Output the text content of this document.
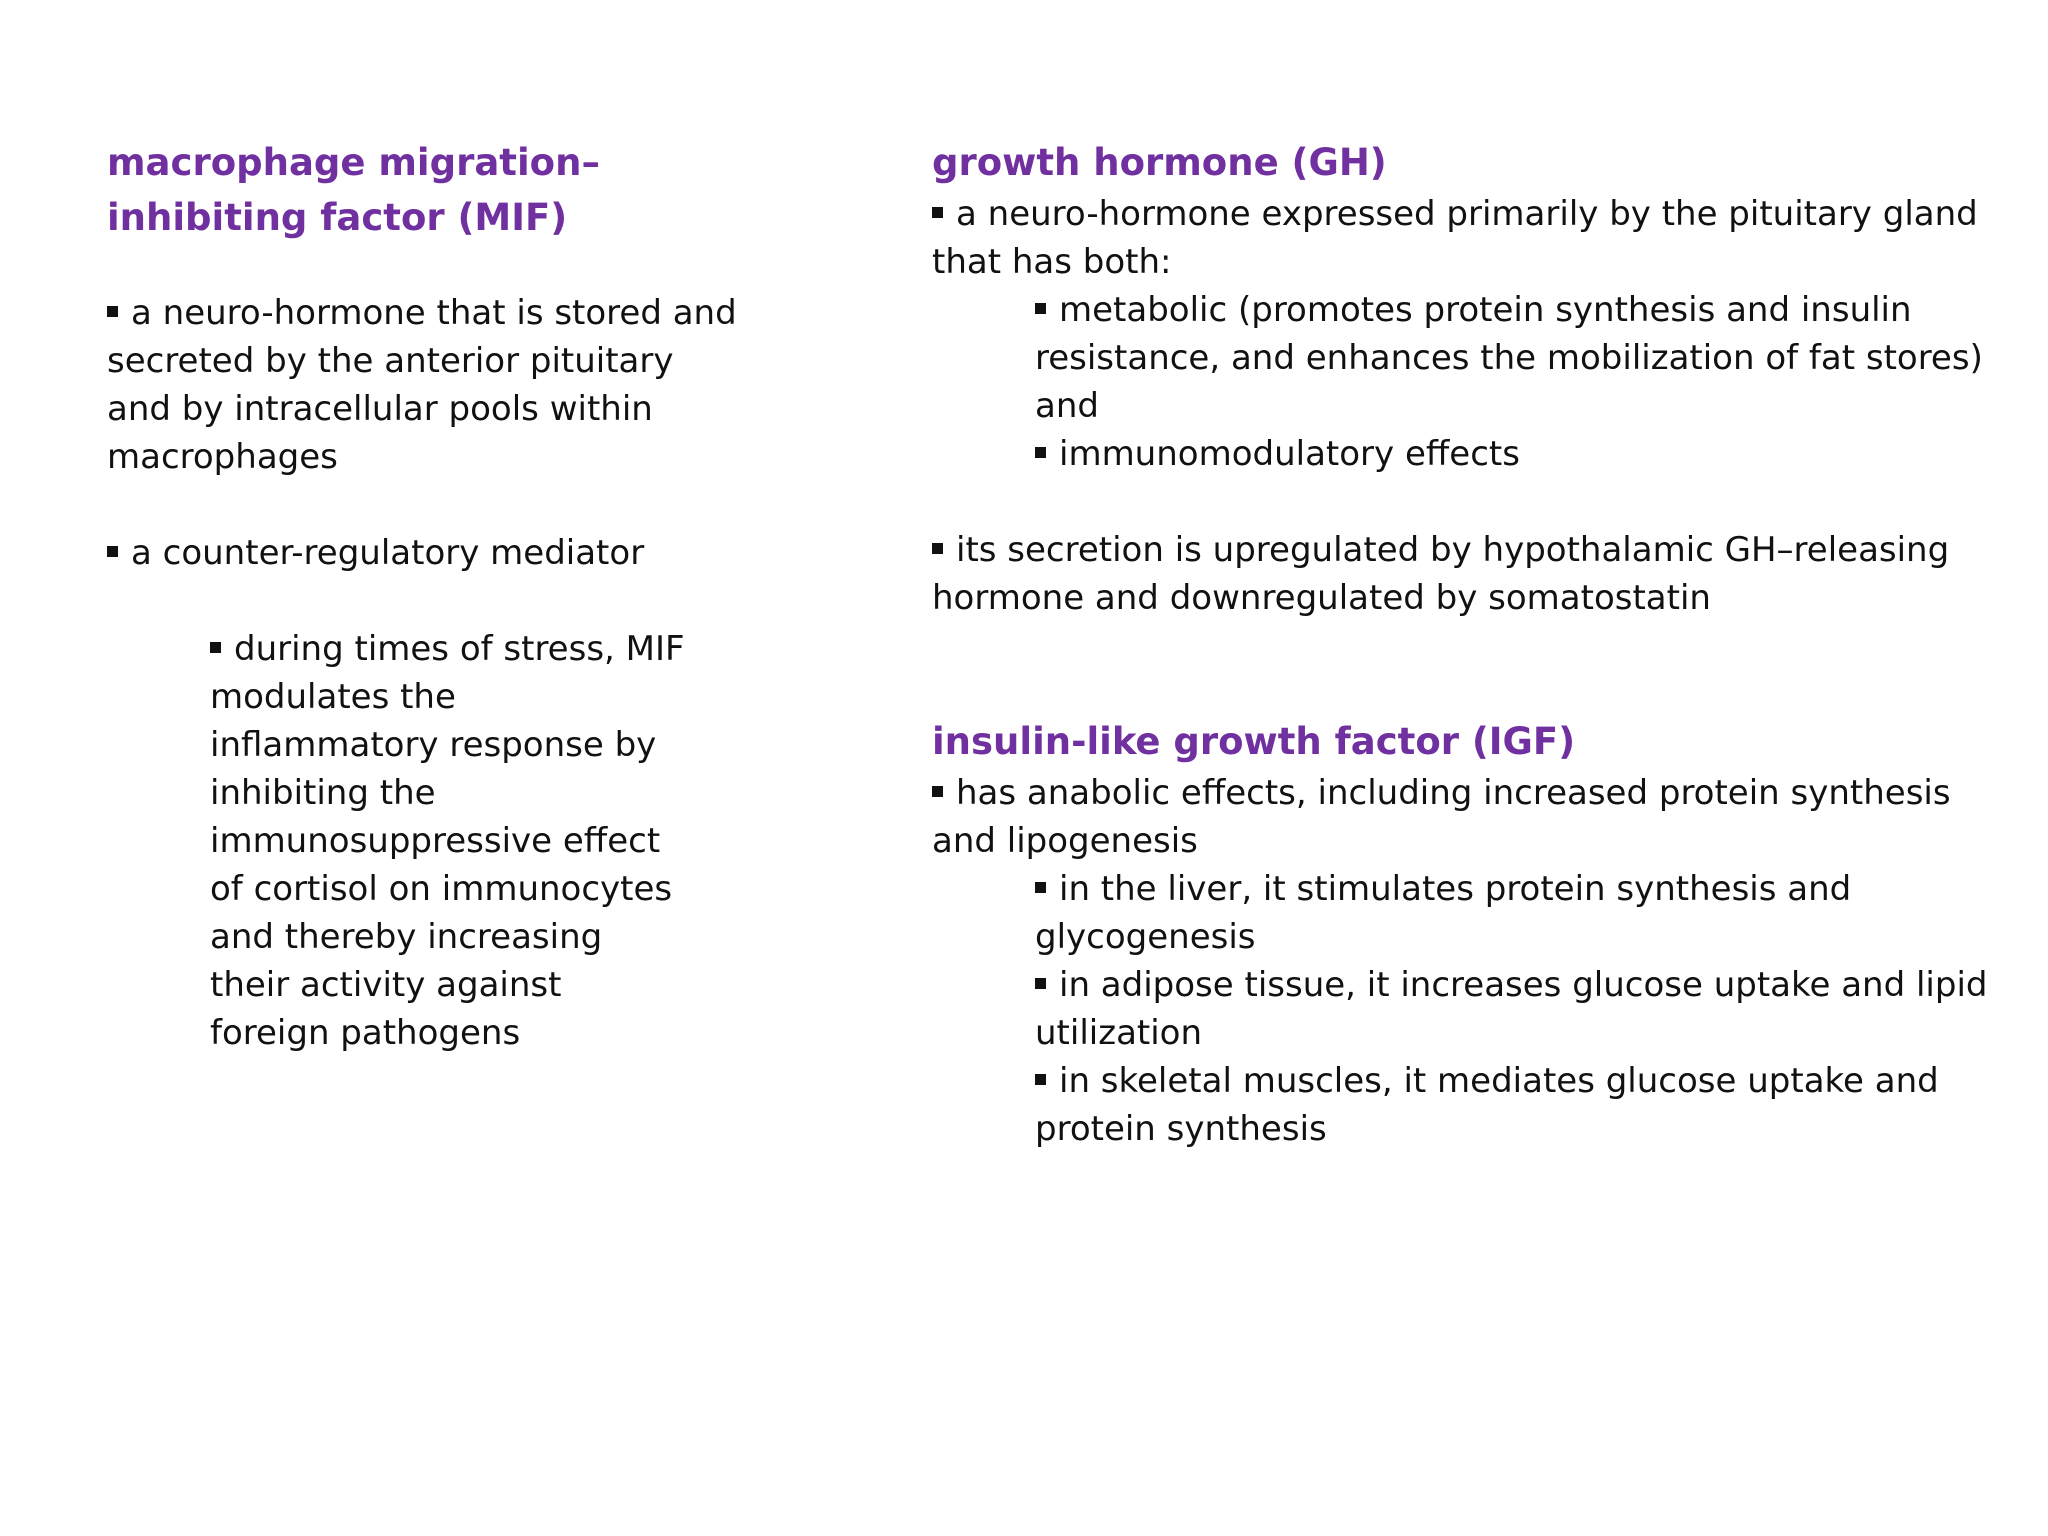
macrophage migration–
inhibiting factor (MIF)

a neuro-hormone that is stored and secreted by the anterior pituitary and by intracellular pools within macrophages

a counter-regulatory mediator

during times of stress, MIF modulates the inflammatory response by inhibiting the immunosuppressive effect of cortisol on immunocytes and thereby increasing their activity against foreign pathogens

growth hormone (GH)

a neuro-hormone expressed primarily by the pituitary gland that has both:

metabolic (promotes protein synthesis and insulin resistance, and enhances the mobilization of fat stores) and

immunomodulatory effects

its secretion is upregulated by hypothalamic GH–releasing hormone and downregulated by somatostatin

insulin-like growth factor (IGF)

has anabolic effects, including increased protein synthesis and lipogenesis

in the liver, it stimulates protein synthesis and glycogenesis

in adipose tissue, it increases glucose uptake and lipid utilization

in skeletal muscles, it mediates glucose uptake and protein synthesis
